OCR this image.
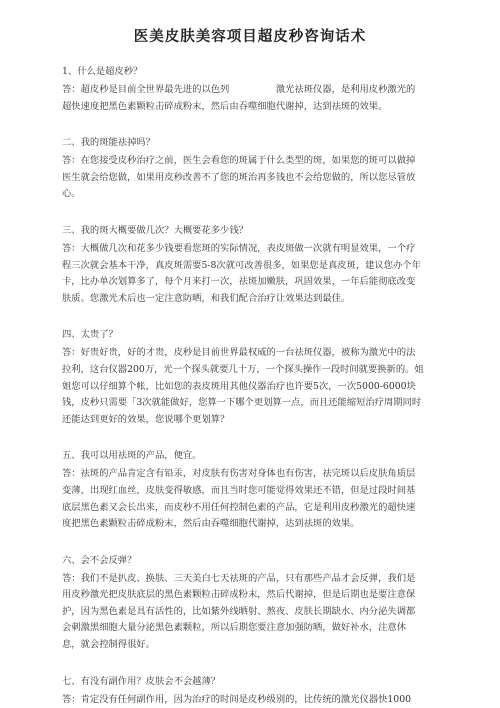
医美皮肤美容项目超皮秒咨询话术

1、什么是超皮秒？

答：超皮秒是目前全世界最先进的以色列　　　　　激光祛斑仪器，是利用皮秒激光的
超快速度把黑色素颗粒击碎成粉末，然后由吞噬细胞代谢掉，达到祛斑的效果。

二、我的斑能祛掉吗？

答：在您接受皮秒治疗之前，医生会看您的斑属于什么类型的斑，如果您的斑可以做掉
医生就会给您做，如果用皮秒改善不了您的斑治再多钱也不会给您做的，所以您尽管放
心。

三、我的斑大概要做几次？大概要花多少钱？

答：大概做几次和花多少钱要看您斑的实际情况，表皮斑做一次就有明显效果，一个疗
程三次就会基本干净，真皮斑需要5-8次就可改善很多，如果您是真皮斑，建议您办个年
卡，比办单次划算多了，每个月来打一次，祛斑加嫩肤，巩固效果，一年后能彻底改变
肤质。您激光术后也一定注意防晒，和我们配合治疗让效果达到最佳。

四、太贵了？

答：好贵好贵，好的才贵，皮秒是目前世界最权威的一台祛斑仪器，被称为激光中的法
拉利，这台仪器200万，光一个探头就要几十万，一个探头操作一段时间就要换新的。姐
姐您可以仔细算个帐，比如您的表皮斑用其他仪器治疗也许要5次，一次5000-6000块
钱，皮秒只需要「3次就能做好，您算一下哪个更划算一点，而且还能缩短治疗周期同时
还能达到更好的效果，您说哪个更划算？

五、我可以用祛斑的产品，便宜。

答：祛斑的产品肯定含有铅汞，对皮肤有伤害对身体也有伤害，祛完斑以后皮肤角质层
变薄，出现红血丝，皮肤变得敏感，而且当时您可能觉得效果还不错，但是过段时间基
底层黑色素又会长出来，而皮秒不用任何控制色素的产品，它是利用皮秒激光的超快速
度把黑色素颗粒击碎成粉末，然后由吞噬细胞代谢掉，达到祛斑的效果。

六、会不会反弹？

答：我们不是扒皮、换肤、三天美白七天祛斑的产品，只有那些产品才会反弹，我们是
用皮秒激光把皮肤底层的黑色素颗粒击碎成粉末，然后代谢掉，但是后期也是要注意保
护，因为黑色素是具有活性的，比如紫外线晒射、熬夜、皮肤长期缺水、内分泌失调都
会刺激黑细胞大量分泌黑色素颗粒，所以后期您要注意加强防晒，做好补水，注意休
息，就会控制得很好。

七、有没有副作用？皮肤会不会越薄？

答：肯定没有任何副作用，因为治疗的时间是皮秒级别的，比传统的激光仪器快1000
